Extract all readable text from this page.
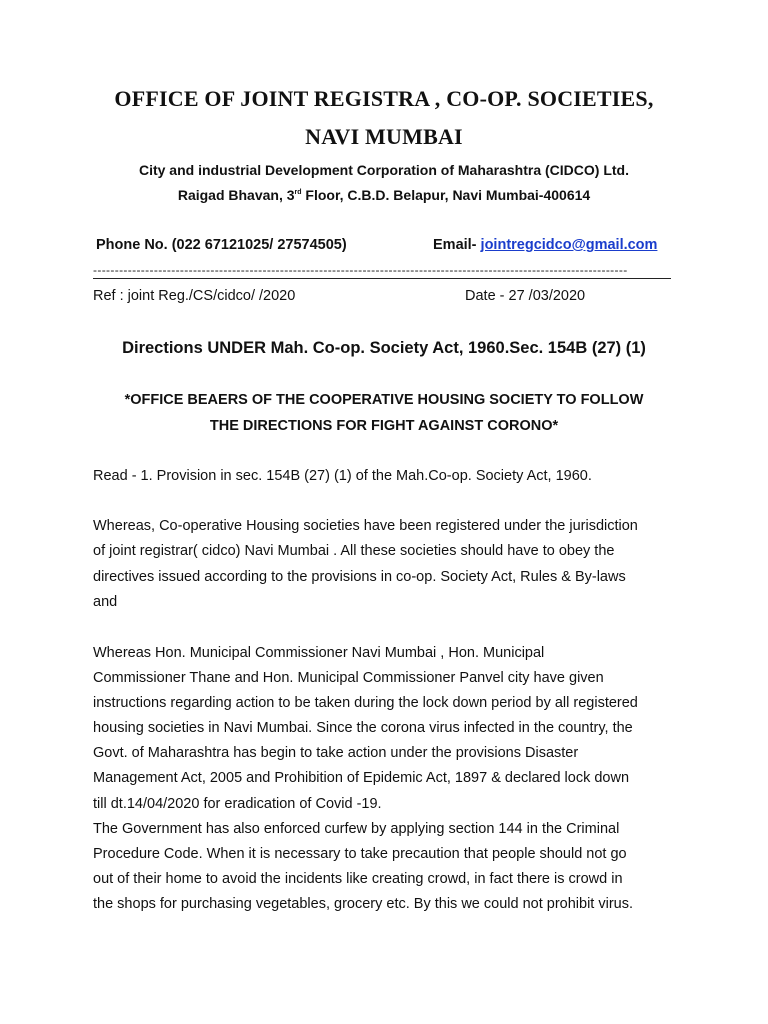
OFFICE OF JOINT REGISTRA , CO-OP. SOCIETIES,
NAVI MUMBAI
City and industrial Development Corporation of Maharashtra (CIDCO) Ltd.
Raigad Bhavan, 3rd Floor, C.B.D. Belapur, Navi Mumbai-400614
Phone No. (022 67121025/ 27574505)	Email- jointregcidco@gmail.com
---------------------------------------------------------------------------------------------------------------------------
Ref : joint Reg./CS/cidco/ /2020	Date - 27 /03/2020
Directions UNDER Mah. Co-op. Society Act, 1960.Sec. 154B (27) (1)
*OFFICE BEAERS OF THE COOPERATIVE HOUSING SOCIETY TO FOLLOW
THE DIRECTIONS FOR FIGHT AGAINST CORONO*
Read - 1. Provision in sec. 154B (27) (1) of the Mah.Co-op. Society Act, 1960.
Whereas, Co-operative Housing societies have been registered under the jurisdiction
of joint registrar( cidco) Navi Mumbai . All these societies should have to obey the
directives issued according to the provisions in co-op. Society Act, Rules & By-laws
and
Whereas Hon. Municipal Commissioner Navi Mumbai , Hon. Municipal
Commissioner Thane and Hon. Municipal Commissioner Panvel city have given
instructions regarding action to be taken during the lock down period by all registered
housing societies in Navi Mumbai. Since the corona virus infected in the country, the
Govt. of Maharashtra has begin to take action under the provisions Disaster
Management Act, 2005 and Prohibition of Epidemic Act, 1897 & declared lock down
till dt.14/04/2020 for eradication of Covid -19.
The Government has also enforced curfew by applying section 144 in the Criminal
Procedure Code. When it is necessary to take precaution that people should not go
out of their home to avoid the incidents like creating crowd, in fact there is crowd in
the shops for purchasing vegetables, grocery etc. By this we could not prohibit virus.
